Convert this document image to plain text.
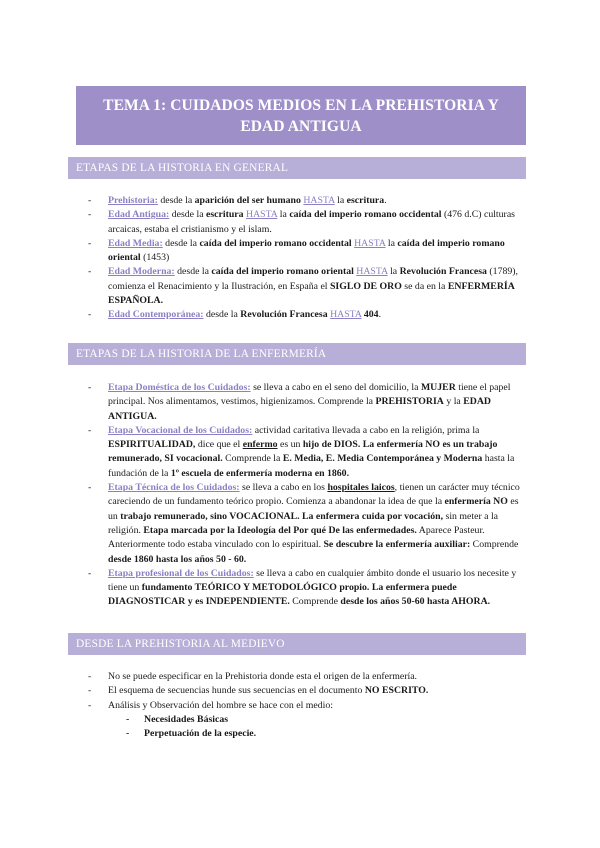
TEMA 1: CUIDADOS MEDIOS EN LA PREHISTORIA Y
EDAD ANTIGUA
ETAPAS DE LA HISTORIA EN GENERAL
- Prehistoria: desde la aparición del ser humano HASTA la escritura.
- Edad Antigua: desde la escritura HASTA la caída del imperio romano occidental (476 d.C) culturas arcaicas, estaba el cristianismo y el islam.
- Edad Media: desde la caída del imperio romano occidental HASTA la caída del imperio romano oriental (1453)
- Edad Moderna: desde la caída del imperio romano oriental HASTA la Revolución Francesa (1789), comienza el Renacimiento y la Ilustración, en España el SIGLO DE ORO se da en la ENFERMERÍA ESPAÑOLA.
- Edad Contemporánea: desde la Revolución Francesa HASTA 404.
ETAPAS DE LA HISTORIA DE LA ENFERMERÍA
- Etapa Doméstica de los Cuidados: se lleva a cabo en el seno del domicilio, la MUJER tiene el papel principal. Nos alimentamos, vestimos, higienizamos. Comprende la PREHISTORIA y la EDAD ANTIGUA.
- Etapa Vocacional de los Cuidados: actividad caritativa llevada a cabo en la religión, prima la ESPIRITUALIDAD, dice que el enfermo es un hijo de DIOS. La enfermería NO es un trabajo remunerado, SI vocacional. Comprende la E. Media, E. Media Contemporánea y Moderna hasta la fundación de la 1º escuela de enfermería moderna en 1860.
- Etapa Técnica de los Cuidados: se lleva a cabo en los hospitales laicos, tienen un carácter muy técnico careciendo de un fundamento teórico propio. Comienza a abandonar la idea de que la enfermería NO es un trabajo remunerado, sino VOCACIONAL. La enfermera cuida por vocación, sin meter a la religión. Etapa marcada por la Ideología del Por qué De las enfermedades. Aparece Pasteur. Anteriormente todo estaba vinculado con lo espiritual. Se descubre la enfermería auxiliar: Comprende desde 1860 hasta los años 50 - 60.
- Etapa profesional de los Cuidados: se lleva a cabo en cualquier ámbito donde el usuario los necesite y tiene un fundamento TEÓRICO Y METODOLÓGICO propio. La enfermera puede DIAGNOSTICAR y es INDEPENDIENTE. Comprende desde los años 50-60 hasta AHORA.
DESDE LA PREHISTORIA AL MEDIEVO
- No se puede especificar en la Prehistoria donde esta el origen de la enfermería.
- El esquema de secuencias hunde sus secuencias en el documento NO ESCRITO.
- Análisis y Observación del hombre se hace con el medio:
- Necesidades Básicas
- Perpetuación de la especie.
